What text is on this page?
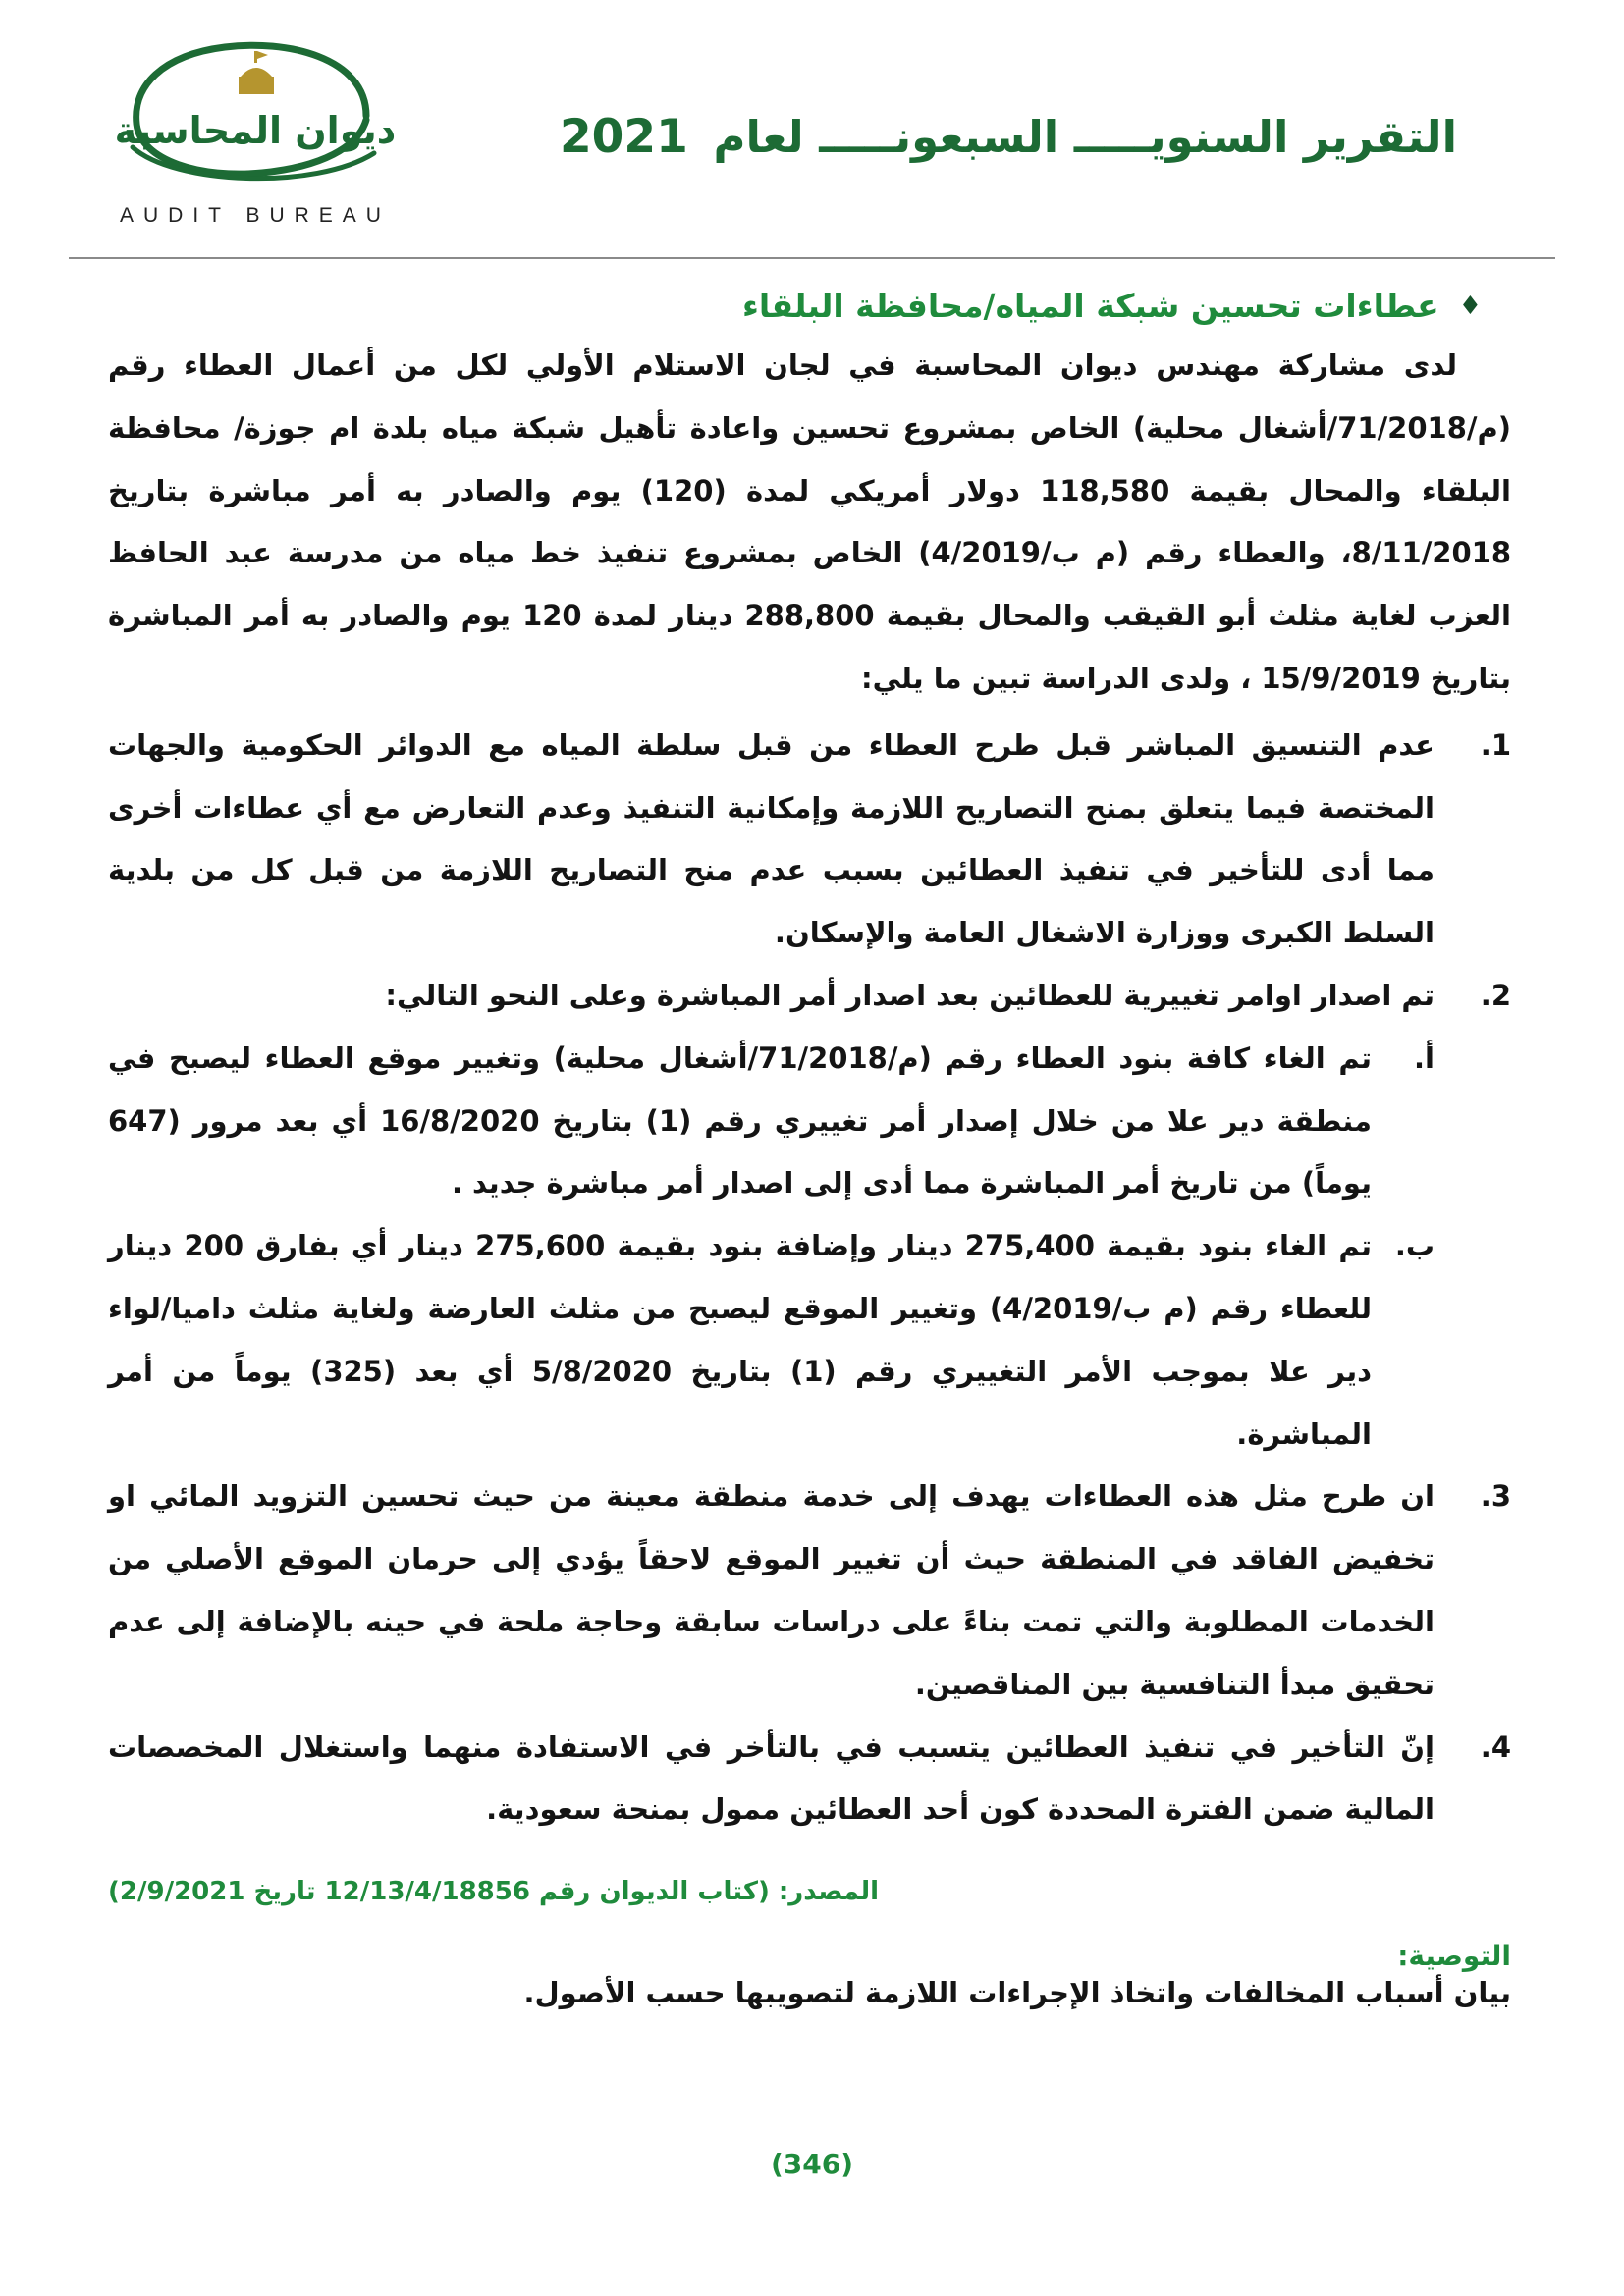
ديوان المحاسبة
AUDIT BUREAU
التقرير السنويـــــ السبعونـــــ لعام 2021
♦
عطاءات تحسين شبكة المياه/محافظة البلقاء

لدى مشاركة مهندس ديوان المحاسبة في لجان الاستلام الأولي لكل من أعمال العطاء رقم (م/71/2018/أشغال محلية) الخاص بمشروع تحسين واعادة تأهيل شبكة مياه بلدة ام جوزة/ محافظة البلقاء والمحال بقيمة 118,580 دولار أمريكي لمدة (120) يوم والصادر به أمر مباشرة بتاريخ 8/11/2018، والعطاء رقم (م ب/4/2019) الخاص بمشروع تنفيذ خط مياه من مدرسة عبد الحافظ العزب لغاية مثلث أبو القيقب والمحال بقيمة 288,800 دينار لمدة 120 يوم والصادر به أمر المباشرة بتاريخ 15/9/2019 ، ولدى الدراسة تبين ما يلي:

1.
عدم التنسيق المباشر قبل طرح العطاء من قبل سلطة المياه مع الدوائر الحكومية والجهات المختصة فيما يتعلق بمنح التصاريح اللازمة وإمكانية التنفيذ وعدم التعارض مع أي عطاءات أخرى مما أدى للتأخير في تنفيذ العطائين بسبب عدم منح التصاريح اللازمة من قبل كل من بلدية السلط الكبرى ووزارة الاشغال العامة والإسكان.
2.
تم اصدار اوامر تغييرية للعطائين بعد اصدار أمر المباشرة وعلى النحو التالي:
أ.
تم الغاء كافة بنود العطاء رقم (م/71/2018/أشغال محلية) وتغيير موقع العطاء ليصبح في منطقة دير علا من خلال إصدار أمر تغييري رقم (1) بتاريخ 16/8/2020 أي بعد مرور (647 يوماً) من تاريخ أمر المباشرة مما أدى إلى اصدار أمر مباشرة جديد .
ب.
تم الغاء بنود بقيمة 275,400 دينار وإضافة بنود بقيمة 275,600 دينار أي بفارق 200 دينار للعطاء رقم (م ب/4/2019) وتغيير الموقع ليصبح من مثلث العارضة ولغاية مثلث داميا/لواء دير علا بموجب الأمر التغييري رقم (1) بتاريخ 5/8/2020 أي بعد (325) يوماً من أمر المباشرة.
3.
ان طرح مثل هذه العطاءات يهدف إلى خدمة منطقة معينة من حيث تحسين التزويد المائي او تخفيض الفاقد في المنطقة حيث أن تغيير الموقع لاحقاً يؤدي إلى حرمان الموقع الأصلي من الخدمات المطلوبة والتي تمت بناءً على دراسات سابقة وحاجة ملحة في حينه بالإضافة إلى عدم تحقيق مبدأ التنافسية بين المناقصين.
4.
إنّ التأخير في تنفيذ العطائين يتسبب في بالتأخر في الاستفادة منهما واستغلال المخصصات المالية ضمن الفترة المحددة كون أحد العطائين ممول بمنحة سعودية.

المصدر: (كتاب الديوان رقم 12/13/4/18856 تاريخ 2/9/2021)

التوصية:

بيان أسباب المخالفات واتخاذ الإجراءات اللازمة لتصويبها حسب الأصول.

(346)
